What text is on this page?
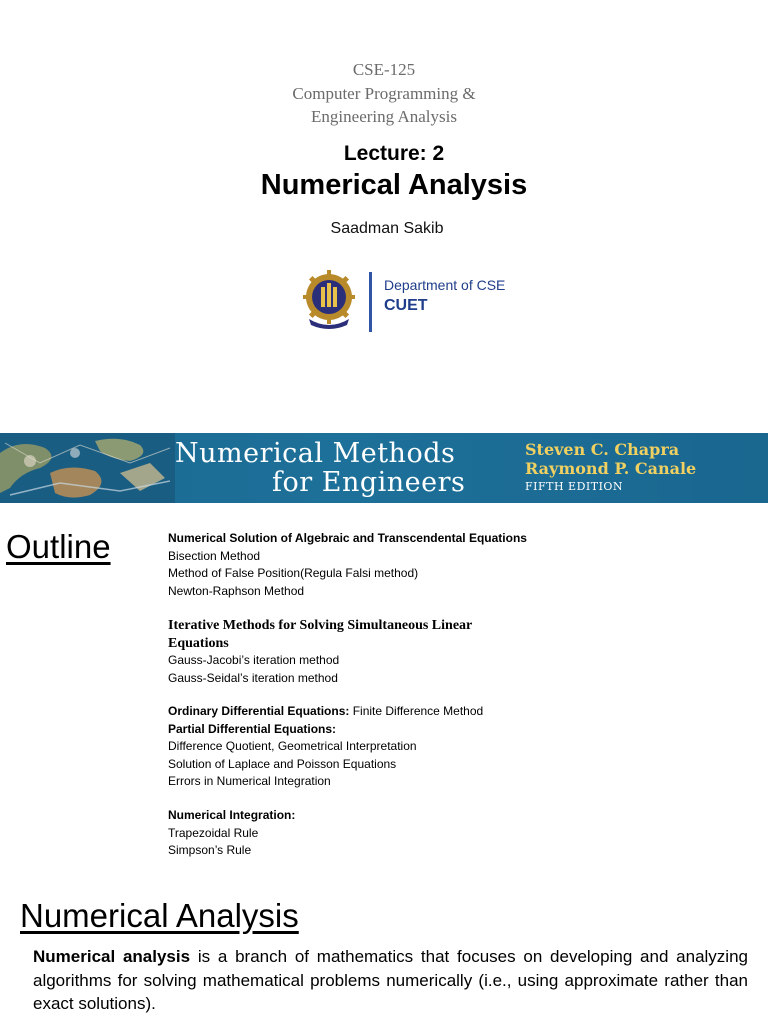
CSE-125
Computer Programming &
Engineering Analysis
Lecture: 2
Numerical Analysis
Saadman Sakib
Department of CSE
CUET
Numerical Methods
for Engineers
Steven C. Chapra
Raymond P. Canale
FIFTH EDITION
Outline	Numerical Solution of Algebraic and Transcendental Equations
Bisection Method
Method of False Position(Regula Falsi method)
Newton-Raphson Method
Iterative Methods for Solving Simultaneous Linear
Equations
Gauss-Jacobi’s iteration method
Gauss-Seidal’s iteration method
Ordinary Differential Equations: Finite Difference Method
Partial Differential Equations:
Difference Quotient, Geometrical Interpretation
Solution of Laplace and Poisson Equations
Errors in Numerical Integration
Numerical Integration:
Trapezoidal Rule
Simpson’s Rule
Numerical Analysis
Numerical analysis is a branch of mathematics that focuses on developing and analyzing algorithms for solving mathematical problems numerically (i.e., using approximate rather than exact solutions).
